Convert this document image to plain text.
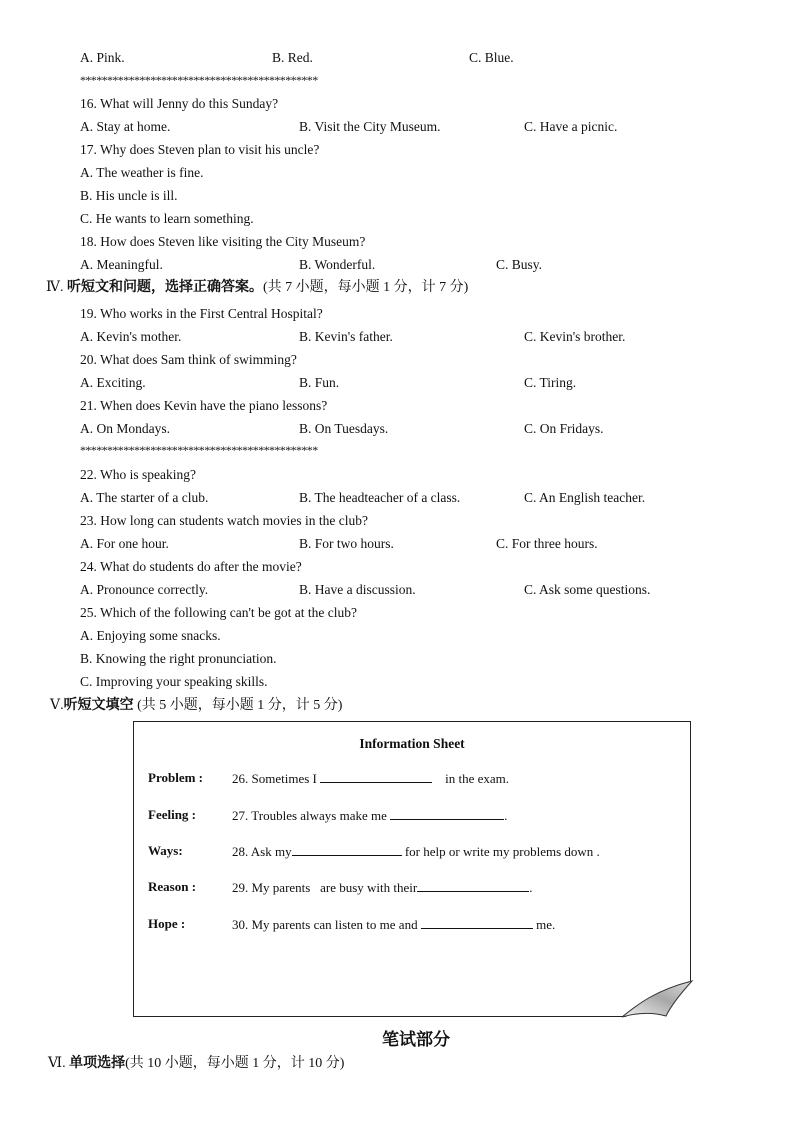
A. Pink.	B. Red.	C. Blue.
********************************************
16. What will Jenny do this Sunday?
A. Stay at home.	B. Visit the City Museum.	C. Have a picnic.
17. Why does Steven plan to visit his uncle?
A. The weather is fine.
B. His uncle is ill.
C. He wants to learn something.
18. How does Steven like visiting the City Museum?
A. Meaningful.	B. Wonderful.	C. Busy.
Ⅳ. 听短文和问题，选择正确答案。(共 7 小题，每小题 1 分，计 7 分)
19. Who works in the First Central Hospital?
A. Kevin's mother.	B. Kevin's father.	C. Kevin's brother.
20. What does Sam think of swimming?
A. Exciting.	B. Fun.	C. Tiring.
21. When does Kevin have the piano lessons?
A. On Mondays.	B. On Tuesdays.	C. On Fridays.
********************************************
22. Who is speaking?
A. The starter of a club.	B. The headteacher of a class.	C. An English teacher.
23. How long can students watch movies in the club?
A. For one hour.	B. For two hours.	C. For three hours.
24. What do students do after the movie?
A. Pronounce correctly.	B. Have a discussion.	C. Ask some questions.
25. Which of the following can't be got at the club?
A. Enjoying some snacks.
B. Knowing the right pronunciation.
C. Improving your speaking skills.
Ⅴ.听短文填空 (共 5 小题，每小题 1 分，计 5 分)
Information Sheet
Problem : 26. Sometimes I	in the exam.
Feeling :	27. Troubles always make me	.
Ways:	28. Ask my	for help or write my problems down .
Reason :	29. My parents   are busy with their	.
Hope :	30. My parents can listen to me and	me.
笔试部分
Ⅵ. 单项选择(共 10 小题，每小题 1 分，计 10 分)
